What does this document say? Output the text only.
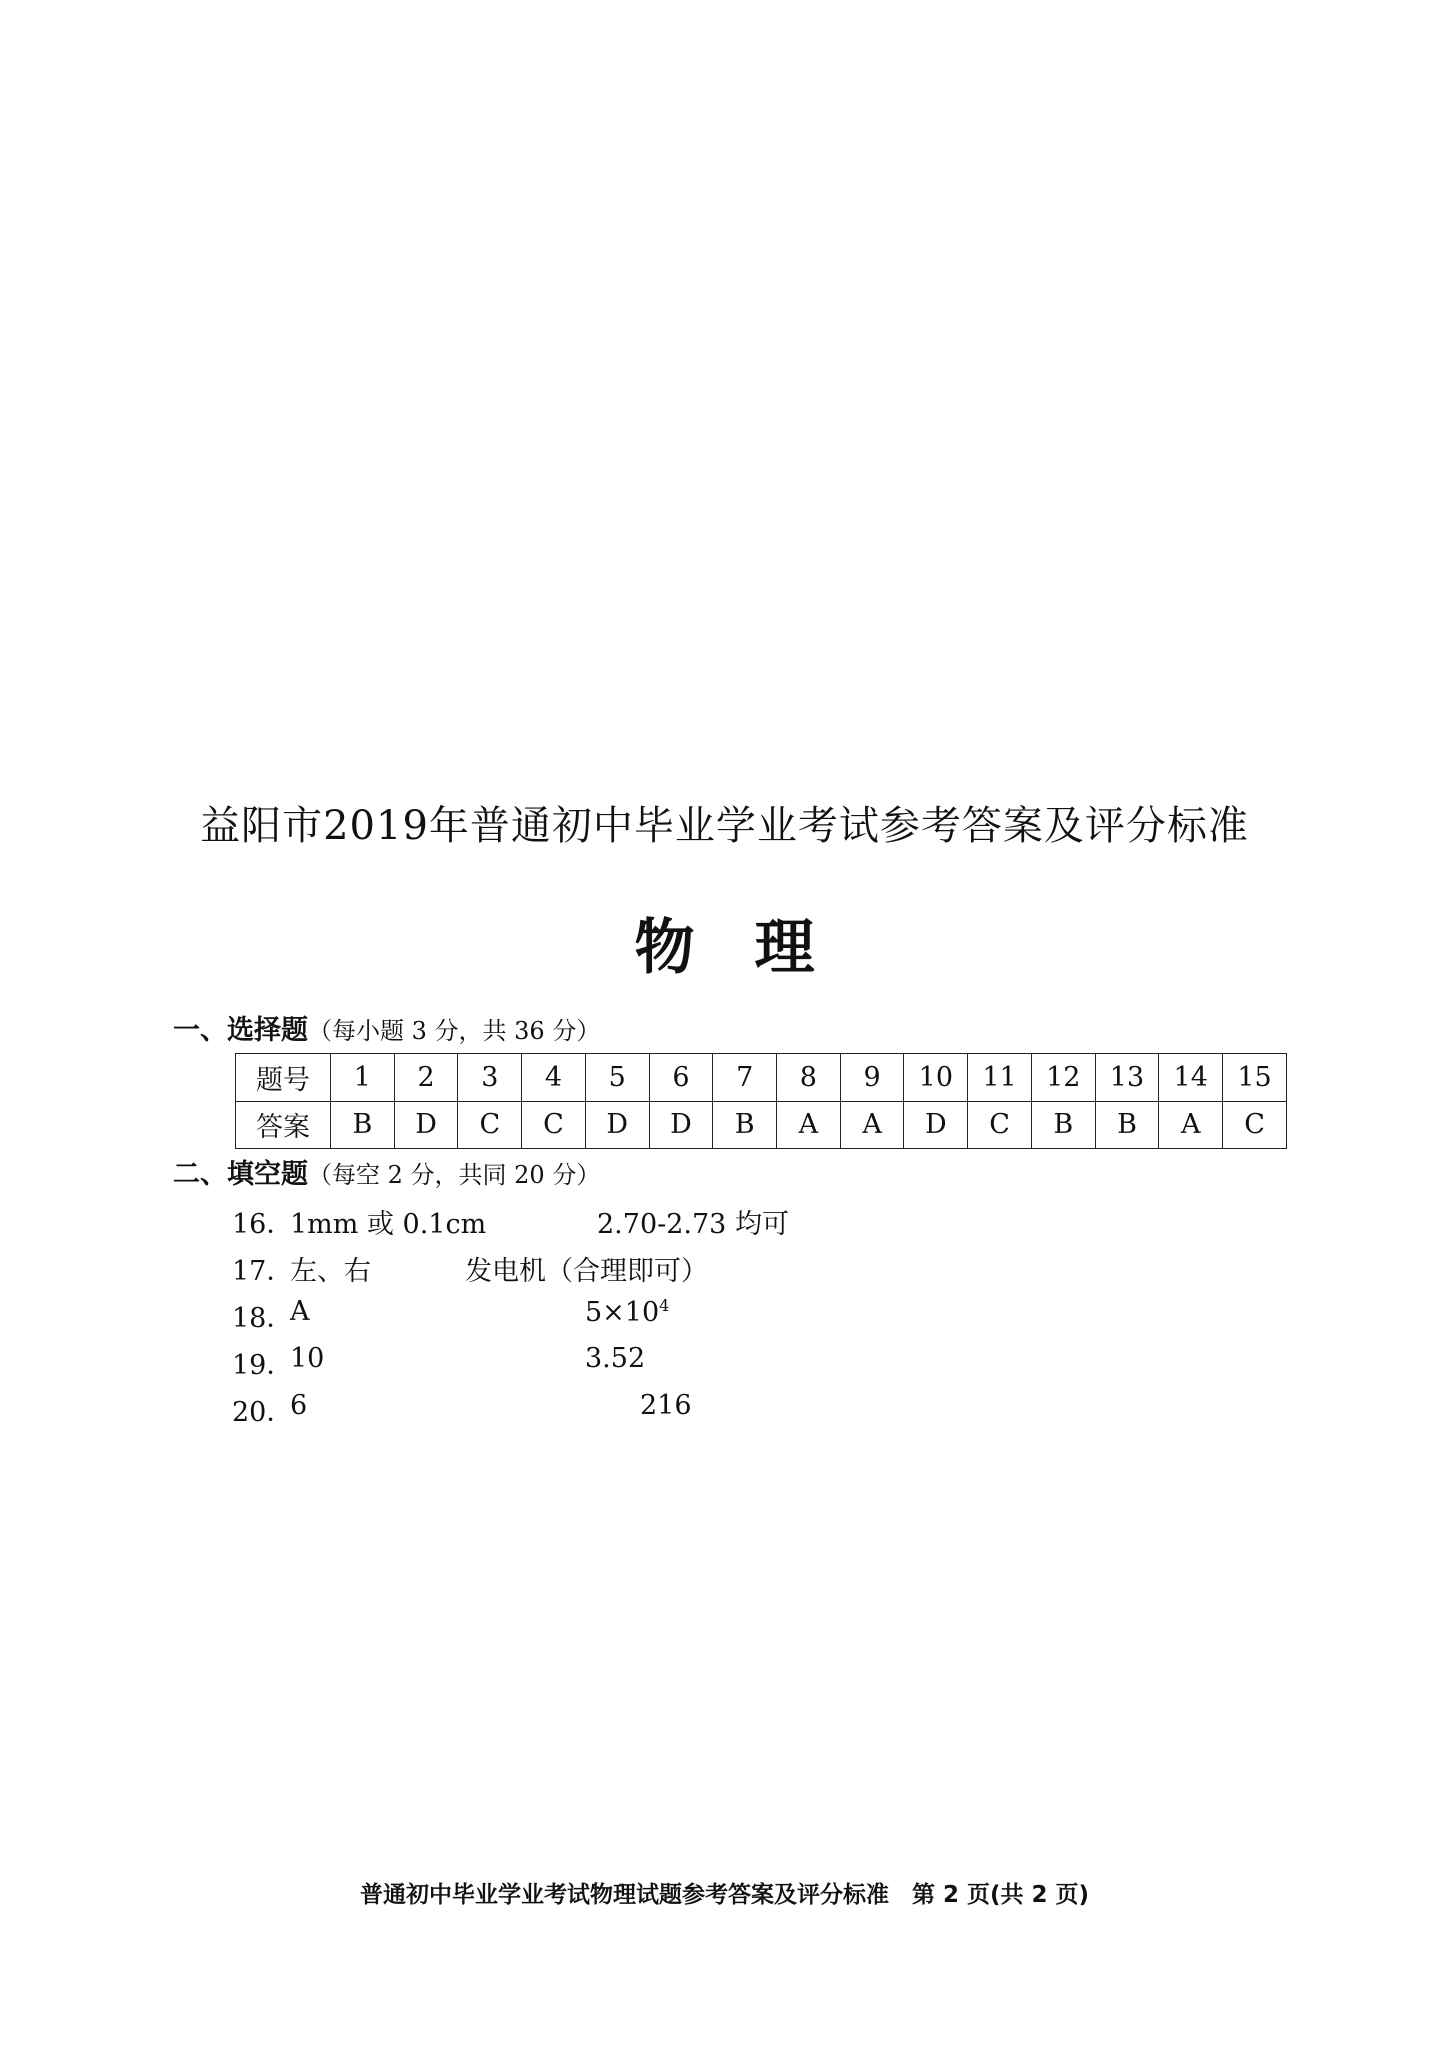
益阳市2019年普通初中毕业学业考试参考答案及评分标准
物理
一、选择题（每小题 3 分，共 36 分）
题号	1	2	3	4	5	6	7	8	9	10	11	12	13	14	15
答案	B	D	C	C	D	D	B	A	A	D	C	B	B	A	C
二、填空题（每空 2 分，共同 20 分）
16．
1mm 或 0.1cm	2.70-2.73 均可
17．
左、右	发电机（合理即可）
18．
A	$5\times 10^4$
19．
10	3.52
20．
6	216
普通初中毕业学业考试物理试题参考答案及评分标准　第 2 页(共 2 页)
